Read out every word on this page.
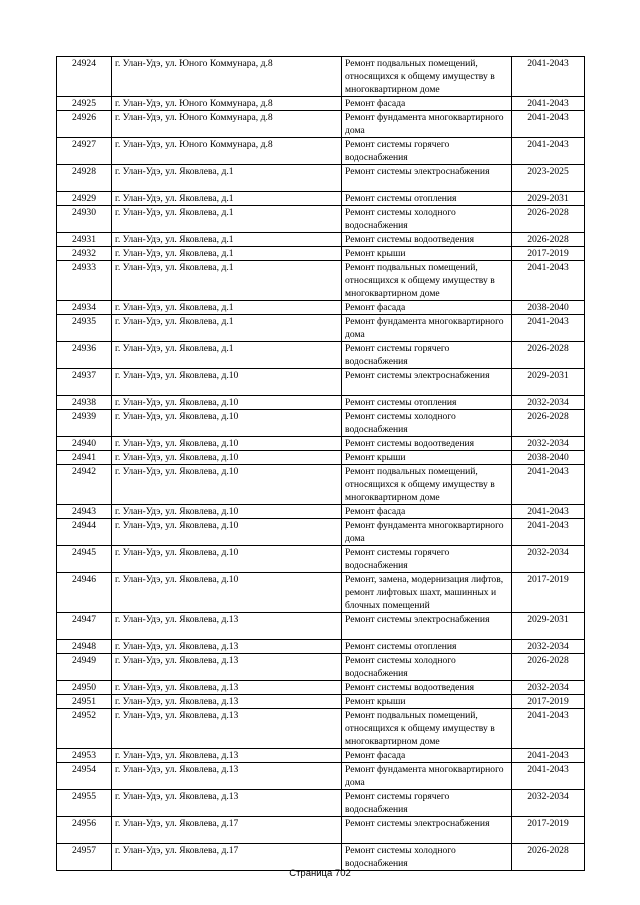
24924	г. Улан-Удэ, ул. Юного Коммунара, д.8	Ремонт подвальных помещений, относящихся к общему имуществу в многоквартирном доме	2041-2043
24925	г. Улан-Удэ, ул. Юного Коммунара, д.8	Ремонт фасада	2041-2043
24926	г. Улан-Удэ, ул. Юного Коммунара, д.8	Ремонт фундамента многоквартирного дома	2041-2043
24927	г. Улан-Удэ, ул. Юного Коммунара, д.8	Ремонт системы горячего водоснабжения	2041-2043
24928	г. Улан-Удэ, ул. Яковлева, д.1	Ремонт системы электроснабжения	2023-2025
24929	г. Улан-Удэ, ул. Яковлева, д.1	Ремонт системы отопления	2029-2031
24930	г. Улан-Удэ, ул. Яковлева, д.1	Ремонт системы холодного водоснабжения	2026-2028
24931	г. Улан-Удэ, ул. Яковлева, д.1	Ремонт системы водоотведения	2026-2028
24932	г. Улан-Удэ, ул. Яковлева, д.1	Ремонт крыши	2017-2019
24933	г. Улан-Удэ, ул. Яковлева, д.1	Ремонт подвальных помещений, относящихся к общему имуществу в многоквартирном доме	2041-2043
24934	г. Улан-Удэ, ул. Яковлева, д.1	Ремонт фасада	2038-2040
24935	г. Улан-Удэ, ул. Яковлева, д.1	Ремонт фундамента многоквартирного дома	2041-2043
24936	г. Улан-Удэ, ул. Яковлева, д.1	Ремонт системы горячего водоснабжения	2026-2028
24937	г. Улан-Удэ, ул. Яковлева, д.10	Ремонт системы электроснабжения	2029-2031
24938	г. Улан-Удэ, ул. Яковлева, д.10	Ремонт системы отопления	2032-2034
24939	г. Улан-Удэ, ул. Яковлева, д.10	Ремонт системы холодного водоснабжения	2026-2028
24940	г. Улан-Удэ, ул. Яковлева, д.10	Ремонт системы водоотведения	2032-2034
24941	г. Улан-Удэ, ул. Яковлева, д.10	Ремонт крыши	2038-2040
24942	г. Улан-Удэ, ул. Яковлева, д.10	Ремонт подвальных помещений, относящихся к общему имуществу в многоквартирном доме	2041-2043
24943	г. Улан-Удэ, ул. Яковлева, д.10	Ремонт фасада	2041-2043
24944	г. Улан-Удэ, ул. Яковлева, д.10	Ремонт фундамента многоквартирного дома	2041-2043
24945	г. Улан-Удэ, ул. Яковлева, д.10	Ремонт системы горячего водоснабжения	2032-2034
24946	г. Улан-Удэ, ул. Яковлева, д.10	Ремонт, замена, модернизация лифтов, ремонт лифтовых шахт, машинных и блочных помещений	2017-2019
24947	г. Улан-Удэ, ул. Яковлева, д.13	Ремонт системы электроснабжения	2029-2031
24948	г. Улан-Удэ, ул. Яковлева, д.13	Ремонт системы отопления	2032-2034
24949	г. Улан-Удэ, ул. Яковлева, д.13	Ремонт системы холодного водоснабжения	2026-2028
24950	г. Улан-Удэ, ул. Яковлева, д.13	Ремонт системы водоотведения	2032-2034
24951	г. Улан-Удэ, ул. Яковлева, д.13	Ремонт крыши	2017-2019
24952	г. Улан-Удэ, ул. Яковлева, д.13	Ремонт подвальных помещений, относящихся к общему имуществу в многоквартирном доме	2041-2043
24953	г. Улан-Удэ, ул. Яковлева, д.13	Ремонт фасада	2041-2043
24954	г. Улан-Удэ, ул. Яковлева, д.13	Ремонт фундамента многоквартирного дома	2041-2043
24955	г. Улан-Удэ, ул. Яковлева, д.13	Ремонт системы горячего водоснабжения	2032-2034
24956	г. Улан-Удэ, ул. Яковлева, д.17	Ремонт системы электроснабжения	2017-2019
24957	г. Улан-Удэ, ул. Яковлева, д.17	Ремонт системы холодного водоснабжения	2026-2028
Страница 702
